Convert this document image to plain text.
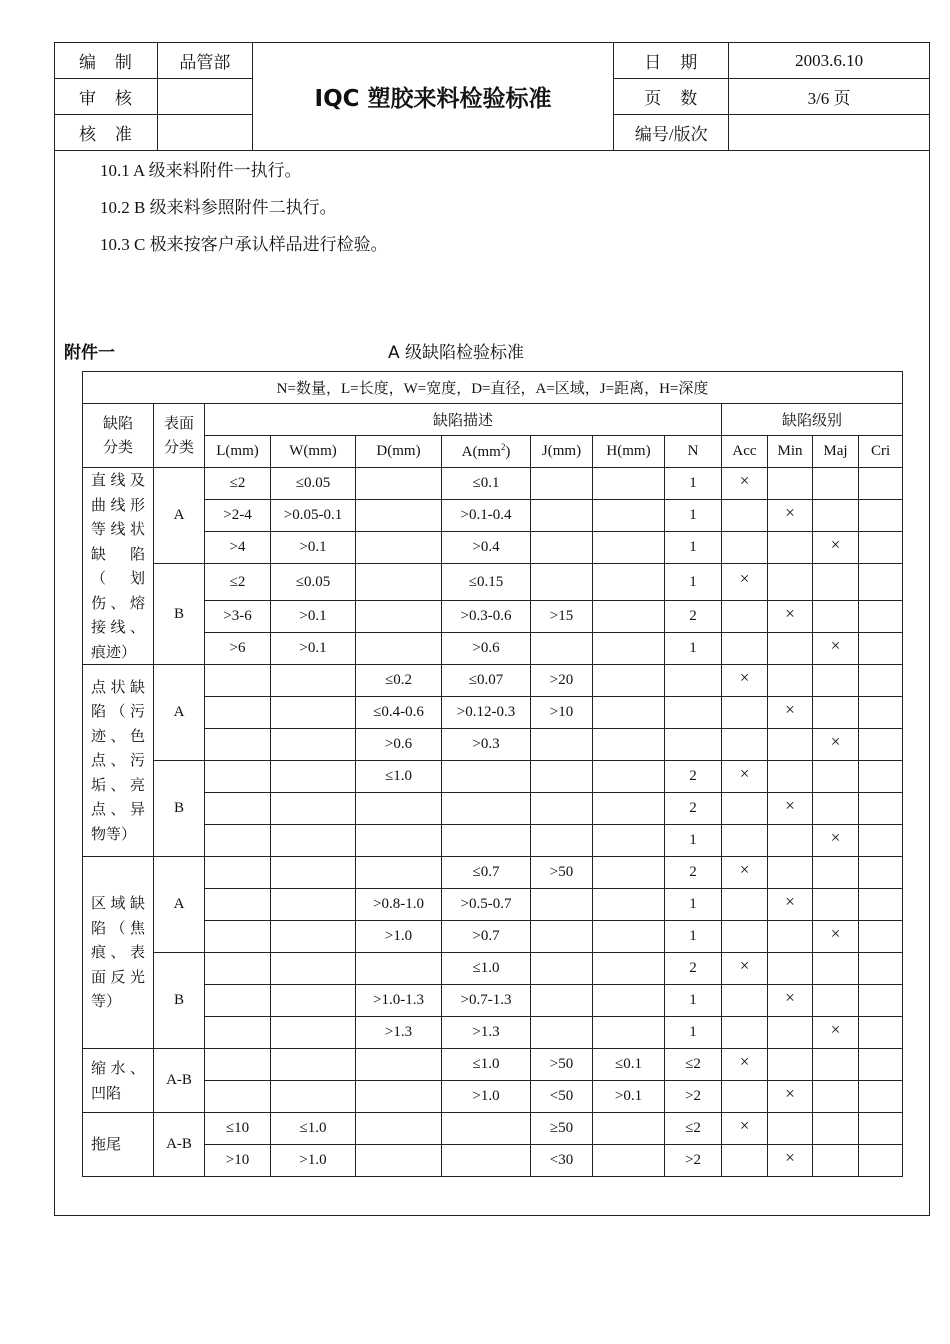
编　制	品管部	IQC 塑胶来料检验标准	日　期	2003.6.10
审　核			页　数	3/6 页
核　准			编号/版次	
10.1 A 级来料附件一执行。
10.2 B 级来料参照附件二执行。
10.3 C 极来按客户承认样品进行检验。
附件一	A 级缺陷检验标准
N=数量，L=长度，W=宽度，D=直径，A=区域，J=距离，H=深度												
缺陷分类	表面分类	缺陷描述							缺陷级别			
		L(mm)	W(mm)	D(mm)	$A(mm^2)$	J(mm)	H(mm)	N	Acc	Min	Maj	Cri
直线及曲线形等线状缺陷（划伤、熔接线、痕迹）	A	≤2	≤0.05		≤0.1			1	×			
		>2-4	>0.05-0.1		>0.1-0.4			1		×		
		>4	>0.1		>0.4			1			×	
	B	≤2	≤0.05		≤0.15			1	×			
		>3-6	>0.1		>0.3-0.6	>15		2		×		
		>6	>0.1		>0.6			1			×	
点状缺陷（污迹、色点、污垢、亮点、异物等）	A			≤0.2	≤0.07	>20			×			
				≤0.4-0.6	>0.12-0.3	>10				×		
				>0.6	>0.3						×	
	B			≤1.0				2	×			
								2		×		
								1			×	
区域缺陷（焦痕、表面反光等）	A				≤0.7	>50		2	×			
				>0.8-1.0	>0.5-0.7			1		×		
				>1.0	>0.7			1			×	
	B				≤1.0			2	×			
				>1.0-1.3	>0.7-1.3			1		×		
				>1.3	>1.3			1			×	
缩水、凹陷	A-B				≤1.0	>50	≤0.1	≤2	×			
					>1.0	<50	>0.1	>2		×		
拖尾	A-B	≤10	≤1.0			≥50		≤2	×			
		>10	>1.0			<30		>2		×		
